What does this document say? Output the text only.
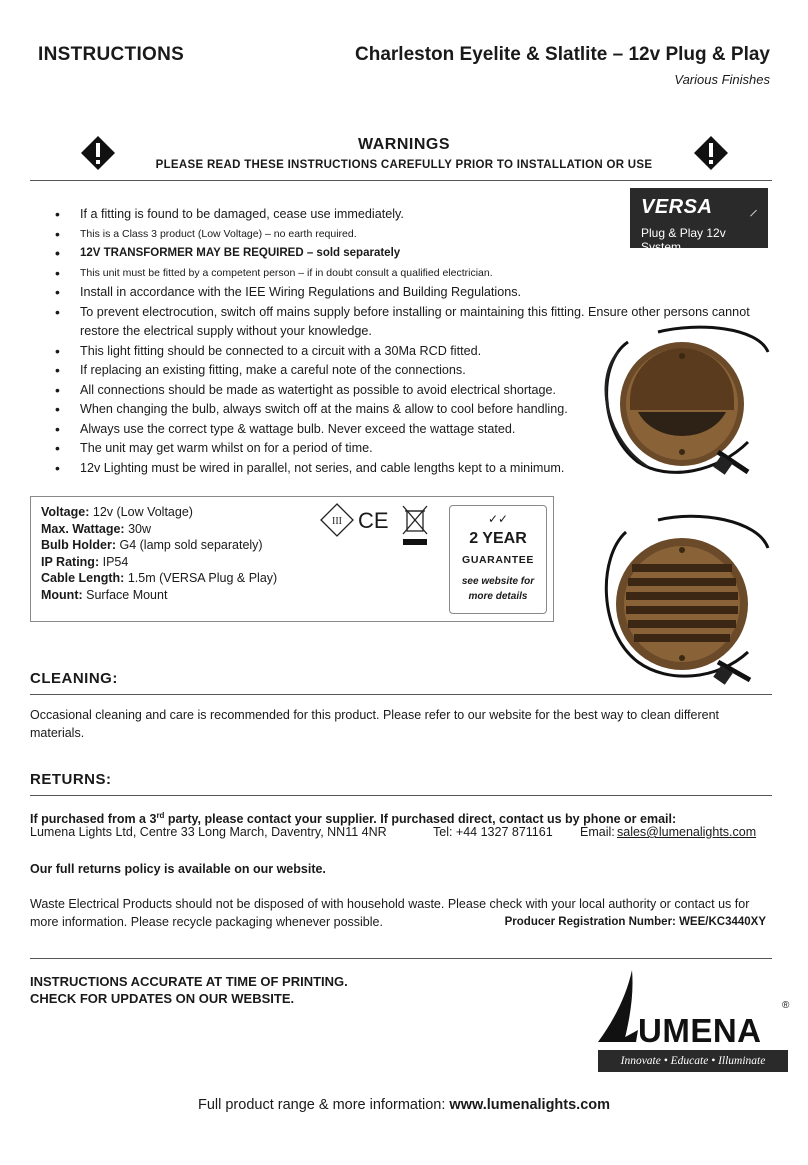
INSTRUCTIONS	Charleston Eyelite & Slatlite – 12v Plug & Play
Various Finishes
WARNINGS
PLEASE READ THESE INSTRUCTIONS CAREFULLY PRIOR TO INSTALLATION OR USE
VERSA ⸝
Plug & Play 12v System
• If a fitting is found to be damaged, cease use immediately.
• This is a Class 3 product (Low Voltage) – no earth required.
• 12V TRANSFORMER MAY BE REQUIRED – sold separately
• This unit must be fitted by a competent person – if in doubt consult a qualified electrician.
• Install in accordance with the IEE Wiring Regulations and Building Regulations.
• To prevent electrocution, switch off mains supply before installing or maintaining this fitting. Ensure other persons cannot restore the electrical supply without your knowledge.
• This light fitting should be connected to a circuit with a 30Ma RCD fitted.
• If replacing an existing fitting, make a careful note of the connections.
• All connections should be made as watertight as possible to avoid electrical shortage.
• When changing the bulb, always switch off at the mains & allow to cool before handling.
• Always use the correct type & wattage bulb. Never exceed the wattage stated.
• The unit may get warm whilst on for a period of time.
• 12v Lighting must be wired in parallel, not series, and cable lengths kept to a minimum.
Voltage: 12v (Low Voltage)
Max. Wattage: 30w
Bulb Holder: G4 (lamp sold separately)
IP Rating: IP54
Cable Length: 1.5m (VERSA Plug & Play)
Mount: Surface Mount
III CE	✓✓
2 YEAR
GUARANTEE
see website for
more details
CLEANING:
Occasional cleaning and care is recommended for this product. Please refer to our website for the best way to clean different materials.
RETURNS:
If purchased from a 3rd party, please contact your supplier. If purchased direct, contact us by phone or email:
Lumena Lights Ltd, Centre 33 Long March, Daventry, NN11 4NR	Tel: +44 1327 871161 Email: sales@lumenalights.com
Our full returns policy is available on our website.
Waste Electrical Products should not be disposed of with household waste. Please check with your local authority or contact us for more information. Please recycle packaging whenever possible.	Producer Registration Number: WEE/KC3440XY
INSTRUCTIONS ACCURATE AT TIME OF PRINTING.
CHECK FOR UPDATES ON OUR WEBSITE.
UMENA
®
Innovate • Educate • Illuminate
Full product range & more information: www.lumenalights.com
